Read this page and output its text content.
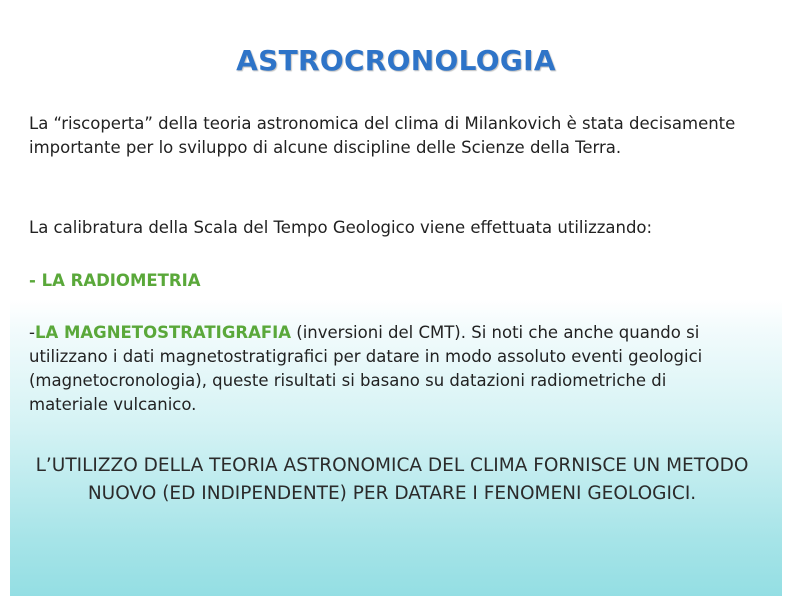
ASTROCRONOLOGIA
La “riscoperta” della teoria astronomica del clima di Milankovich è stata decisamente importante per lo sviluppo di alcune discipline delle Scienze della Terra.
La calibratura della Scala del Tempo Geologico viene effettuata utilizzando:
- LA RADIOMETRIA
-LA MAGNETOSTRATIGRAFIA (inversioni del CMT). Si noti che anche quando si utilizzano i dati magnetostratigrafici per datare in modo assoluto eventi geologici (magnetocronologia), queste risultati si basano su datazioni radiometriche di materiale vulcanico.
L’UTILIZZO DELLA TEORIA ASTRONOMICA DEL CLIMA FORNISCE UN METODO NUOVO (ED INDIPENDENTE) PER DATARE I FENOMENI GEOLOGICI.
